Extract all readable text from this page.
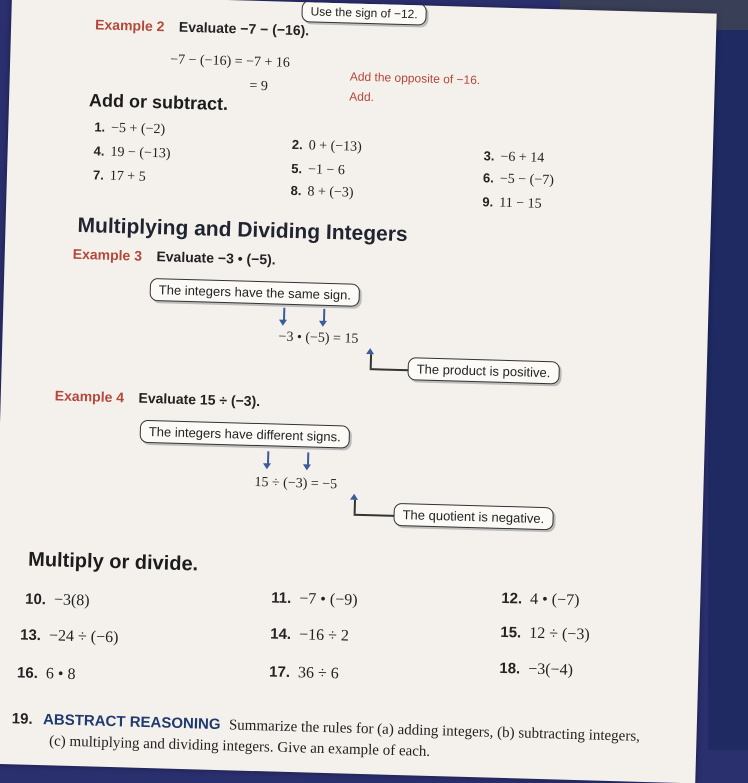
Use the sign of −12.
Example 2 Evaluate −7 − (−16).
−7 − (−16) = −7 + 16
Add the opposite of −16.
= 9
Add.
Add or subtract.
1. −5 + (−2)
2. 0 + (−13)
3. −6 + 14
4. 19 − (−13)
5. −1 − 6	6. −5 − (−7)
7. 17 + 5
8. 8 + (−3)
9. 11 − 15
Multiplying and Dividing Integers
Example 3 Evaluate −3 • (−5).
The integers have the same sign.
−3 • (−5) = 15
The product is positive.
Example 4 Evaluate 15 ÷ (−3).
The integers have different signs.
15 ÷ (−3) = −5
The quotient is negative.
Multiply or divide.
10. −3(8)	11. −7 • (−9)	12. 4 • (−7)
13. −24 ÷ (−6)	14. −16 ÷ 2	15. 12 ÷ (−3)
16. 6 • 8	17. 36 ÷ 6	18. −3(−4)
19. ABSTRACT REASONING Summarize the rules for (a) adding integers, (b) subtracting integers,
(c) multiplying and dividing integers. Give an example of each.
